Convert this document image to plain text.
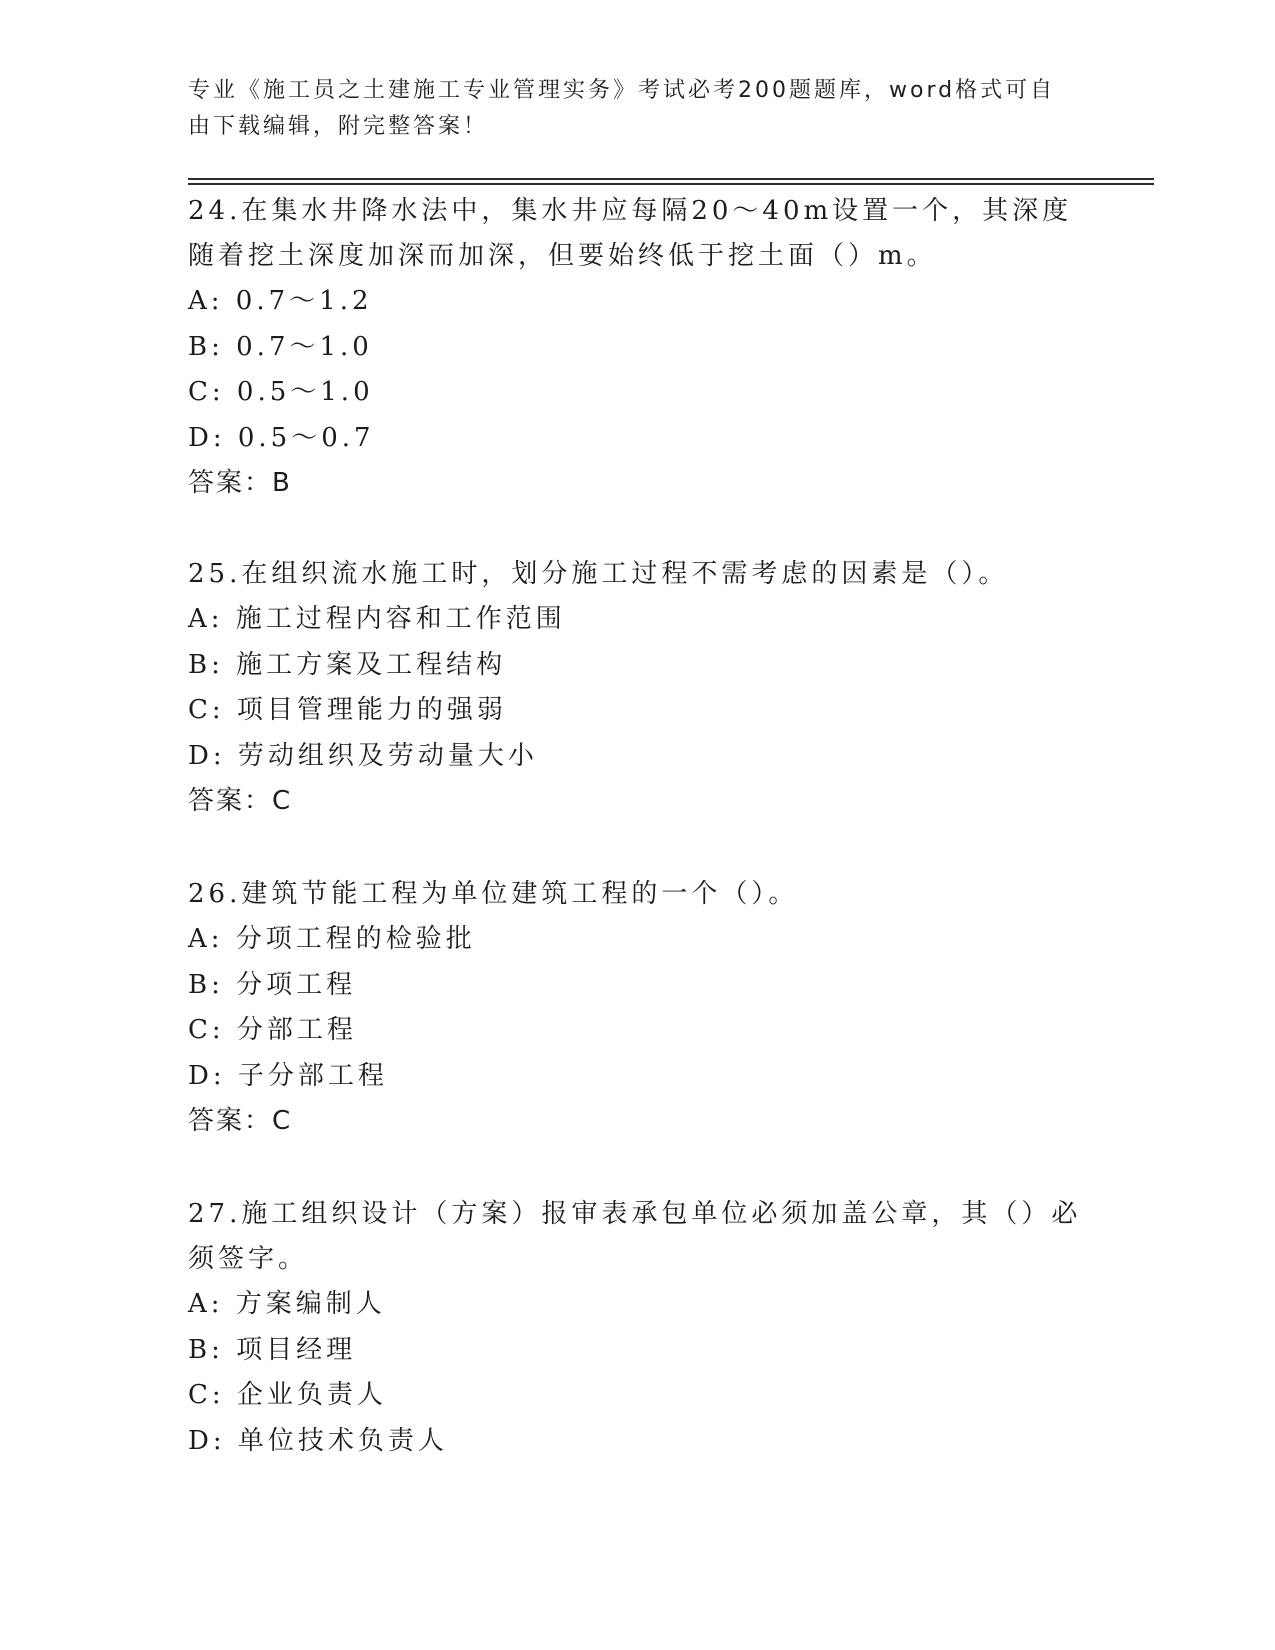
专业《施工员之土建施工专业管理实务》考试必考200题题库，word格式可自由下载编辑，附完整答案！

24.在集水井降水法中，集水井应每隔20～40m设置一个，其深度随着挖土深度加深而加深，但要始终低于挖土面（）m。

A: 0.7～1.2

B: 0.7～1.0

C: 0.5～1.0

D: 0.5～0.7

答案：B

25.在组织流水施工时，划分施工过程不需考虑的因素是（）。

A: 施工过程内容和工作范围

B: 施工方案及工程结构

C: 项目管理能力的强弱

D: 劳动组织及劳动量大小

答案：C

26.建筑节能工程为单位建筑工程的一个（）。

A: 分项工程的检验批

B: 分项工程

C: 分部工程

D: 子分部工程

答案：C

27.施工组织设计（方案）报审表承包单位必须加盖公章，其（）必须签字。

A: 方案编制人

B: 项目经理

C: 企业负责人

D: 单位技术负责人
